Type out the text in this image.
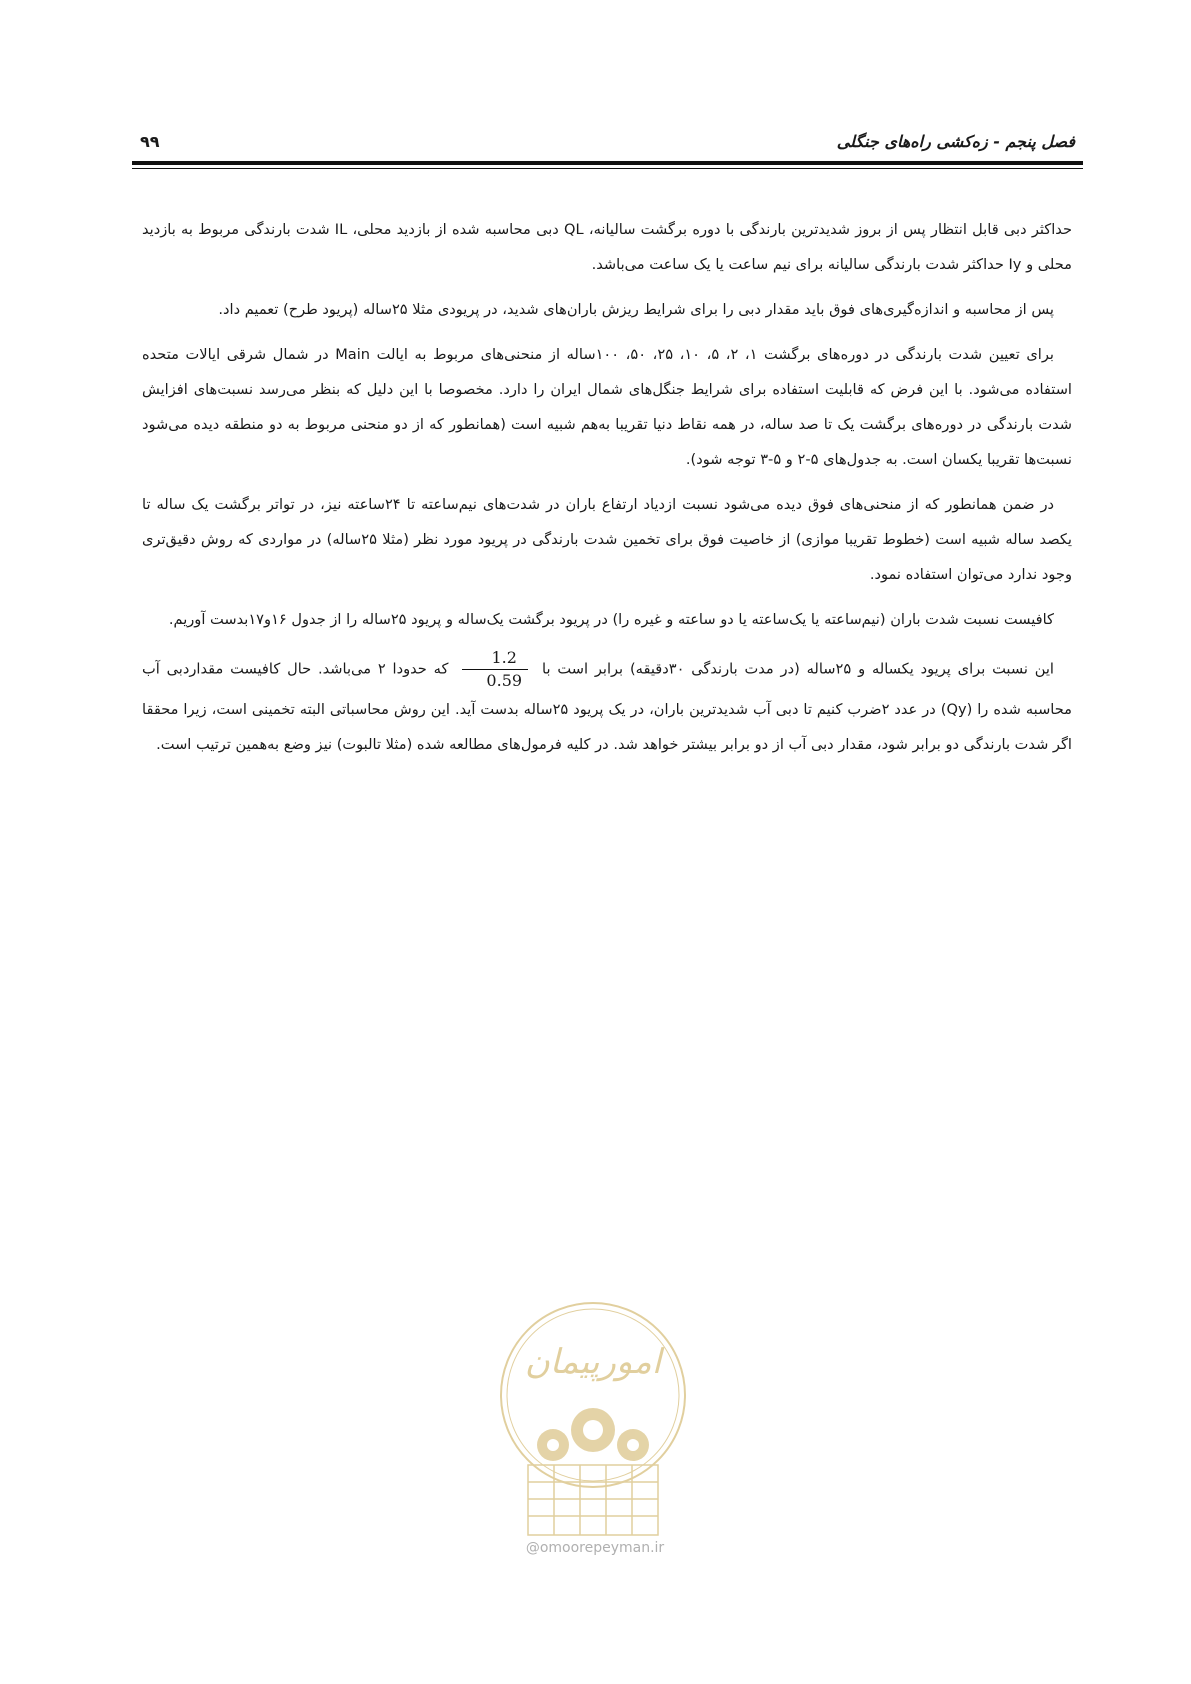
فصل پنجم - زه‌کشی راه‌های جنگلی
۹۹

حداکثر دبی قابل انتظار پس از بروز شدیدترین بارندگی با دوره برگشت سالیانه، QL دبی محاسبه شده از بازدید محلی، IL شدت بارندگی مربوط به بازدید محلی و Iy حداکثر شدت بارندگی سالیانه برای نیم ساعت یا یک ساعت می‌باشد.

پس از محاسبه و اندازه‌گیری‌های فوق باید مقدار دبی را برای شرایط ریزش باران‌های شدید، در پریودی مثلا ۲۵ساله (پریود طرح) تعمیم داد.

برای تعیین شدت بارندگی در دوره‌های برگشت ۱، ۲، ۵، ۱۰، ۲۵، ۵۰، ۱۰۰ساله از منحنی‌های مربوط به ایالت Main در شمال شرقی ایالات متحده استفاده می‌شود. با این فرض که قابلیت استفاده برای شرایط جنگل‌های شمال ایران را دارد. مخصوصا با این دلیل که بنظر می‌رسد نسبت‌های افزایش شدت بارندگی در دوره‌های برگشت یک تا صد ساله، در همه نقاط دنیا تقریبا به‌هم شبیه است (همانطور که از دو منحنی مربوط به دو منطقه دیده می‌شود نسبت‌ها تقریبا یکسان است. به جدول‌های ۵-۲ و ۵-۳ توجه شود).

در ضمن همانطور که از منحنی‌های فوق دیده می‌شود نسبت ازدیاد ارتفاع باران در شدت‌های نیم‌ساعته تا ۲۴ساعته نیز، در تواتر برگشت یک ساله تا یکصد ساله شبیه است (خطوط تقریبا موازی) از خاصیت فوق برای تخمین شدت بارندگی در پریود مورد نظر (مثلا ۲۵ساله) در مواردی که روش دقیق‌تری وجود ندارد می‌توان استفاده نمود.

کافیست نسبت شدت باران (نیم‌ساعته یا یک‌ساعته یا دو ساعته و غیره را) در پریود برگشت یک‌ساله و پریود ۲۵ساله را از جدول ۱۶و۱۷بدست آوریم.

این نسبت برای پریود یکساله و ۲۵ساله (در مدت بارندگی ۳۰دقیقه) برابر است با
$\frac{1.2}{0.59}$
که حدودا ۲ می‌باشد. حال کافیست مقداردبی آب محاسبه شده را (Qy) در عدد ۲ضرب کنیم تا دبی آب شدیدترین باران، در یک پریود ۲۵ساله بدست آید. این روش محاسباتی البته تخمینی است، زیرا محققا اگر شدت بارندگی دو برابر شود، مقدار دبی آب از دو برابر بیشتر خواهد شد. در کلیه فرمول‌های مطالعه شده (مثلا تالبوت) نیز وضع به‌همین ترتیب است.

امورپیمان
@omoorepeyman.ir
